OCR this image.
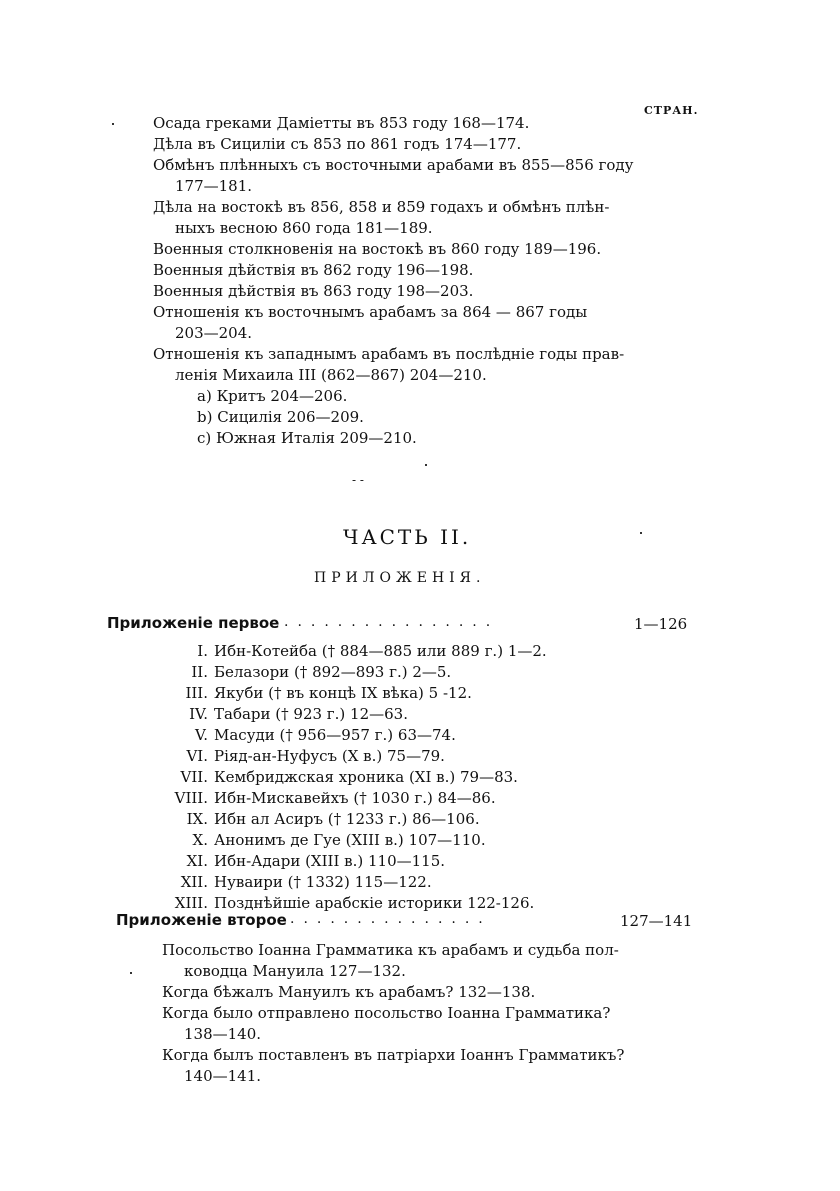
СТРАН.
Осада греками Даміетты въ 853 году 168—174.
Дѣла въ Сициліи съ 853 по 861 годъ 174—177.
Обмѣнъ плѣнныхъ съ восточными арабами въ 855—856 году
177—181.
Дѣла на востокѣ въ 856, 858 и 859 годахъ и обмѣнъ плѣн-
ныхъ весною 860 года 181—189.
Военныя столкновенія на востокѣ въ 860 году 189—196.
Военныя дѣйствія въ 862 году 196—198.
Военныя дѣйствія въ 863 году 198—203.
Отношенія къ восточнымъ арабамъ за 864 — 867 годы
203—204.
Отношенія къ западнымъ арабамъ въ послѣдніе годы прав-
ленія Михаила III (862—867) 204—210.
a) Критъ 204—206.
b) Сицилія 206—209.
c) Южная Италія 209—210.
- -
ЧАСТЬ II.
ПРИЛОЖЕНІЯ.
Приложеніе первое ................	1—126
I. Ибн-Котейба († 884—885 или 889 г.) 1—2.
II. Белазори († 892—893 г.) 2—5.
III. Якуби († въ концѣ IX вѣка) 5 -12.
IV. Табари († 923 г.) 12—63.
V. Масуди († 956—957 г.) 63—74.
VI. Ріяд-ан-Нуфусъ (X в.) 75—79.
VII. Кембриджская хроника (XI в.) 79—83.
VIII. Ибн-Мискавейхъ († 1030 г.) 84—86.
IX. Ибн ал Асиръ († 1233 г.) 86—106.
X. Анонимъ де Гуе (XIII в.) 107—110.
XI. Ибн-Адари (XIII в.) 110—115.
XII. Нуваири († 1332) 115—122.
XIII. Позднѣйшіе арабскіе историки 122-126.
Приложеніе второе ...............	127—141
Посольство Іоанна Грамматика къ арабамъ и судьба пол-
ководца Мануила 127—132.
Когда бѣжалъ Мануилъ къ арабамъ? 132—138.
Когда было отправлено посольство Іоанна Грамматика?
138—140.
Когда былъ поставленъ въ патріархи Іоаннъ Грамматикъ?
140—141.
